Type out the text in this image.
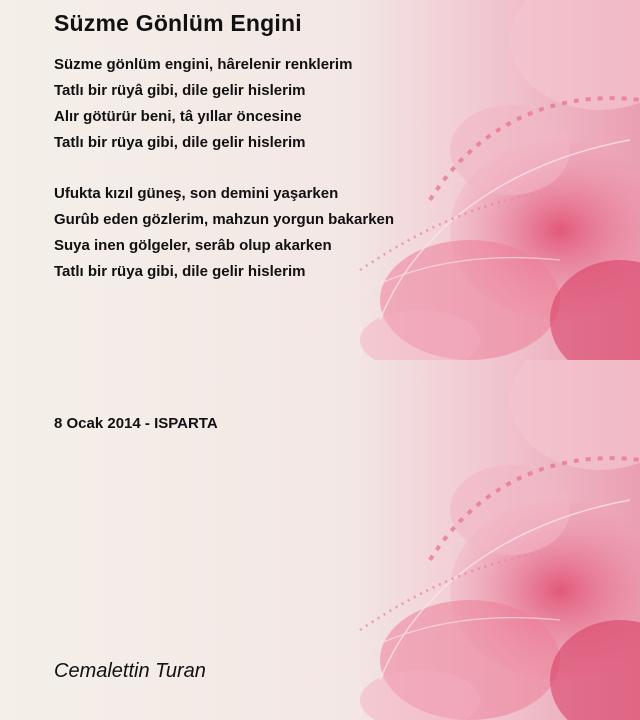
Süzme Gönlüm Engini
Süzme gönlüm engini, hârelenir renklerim
Tatlı bir rüyâ gibi, dile gelir hislerim
Alır götürür beni, tâ yıllar öncesine
Tatlı bir rüya gibi, dile gelir hislerim
Ufukta kızıl güneş, son demini yaşarken
Gurûb eden gözlerim, mahzun yorgun bakarken
Suya inen gölgeler, serâb olup akarken
Tatlı bir rüya gibi, dile gelir hislerim
8 Ocak 2014 - ISPARTA
Cemalettin Turan
